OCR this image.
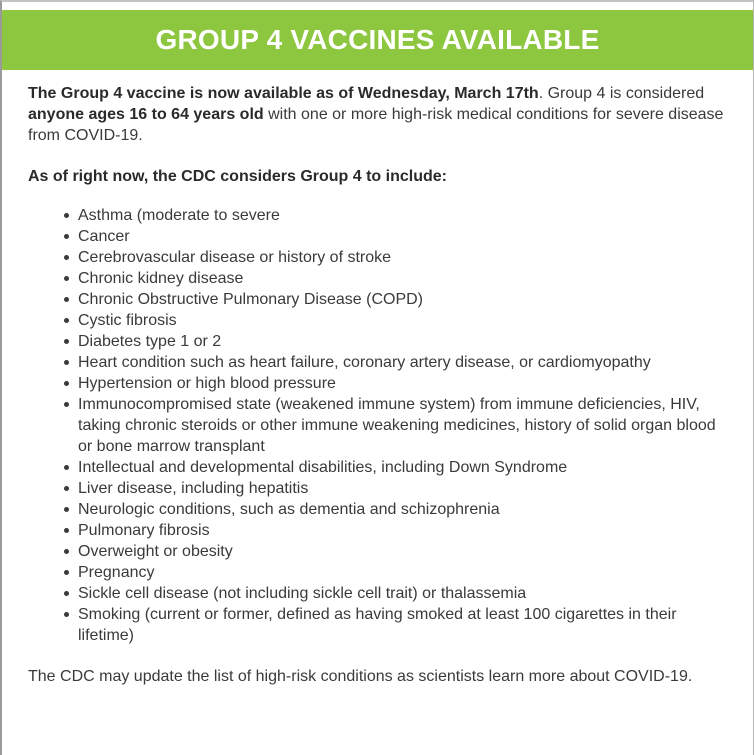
GROUP 4 VACCINES AVAILABLE

The Group 4 vaccine is now available as of Wednesday, March 17th. Group 4 is considered anyone ages 16 to 64 years old with one or more high-risk medical conditions for severe disease from COVID-19.

As of right now, the CDC considers Group 4 to include:

Asthma (moderate to severe
Cancer
Cerebrovascular disease or history of stroke
Chronic kidney disease
Chronic Obstructive Pulmonary Disease (COPD)
Cystic fibrosis
Diabetes type 1 or 2
Heart condition such as heart failure, coronary artery disease, or cardiomyopathy
Hypertension or high blood pressure
Immunocompromised state (weakened immune system) from immune deficiencies, HIV, taking chronic steroids or other immune weakening medicines, history of solid organ blood or bone marrow transplant
Intellectual and developmental disabilities, including Down Syndrome
Liver disease, including hepatitis
Neurologic conditions, such as dementia and schizophrenia
Pulmonary fibrosis
Overweight or obesity
Pregnancy
Sickle cell disease (not including sickle cell trait) or thalassemia
Smoking (current or former, defined as having smoked at least 100 cigarettes in their lifetime)

The CDC may update the list of high-risk conditions as scientists learn more about COVID-19.
